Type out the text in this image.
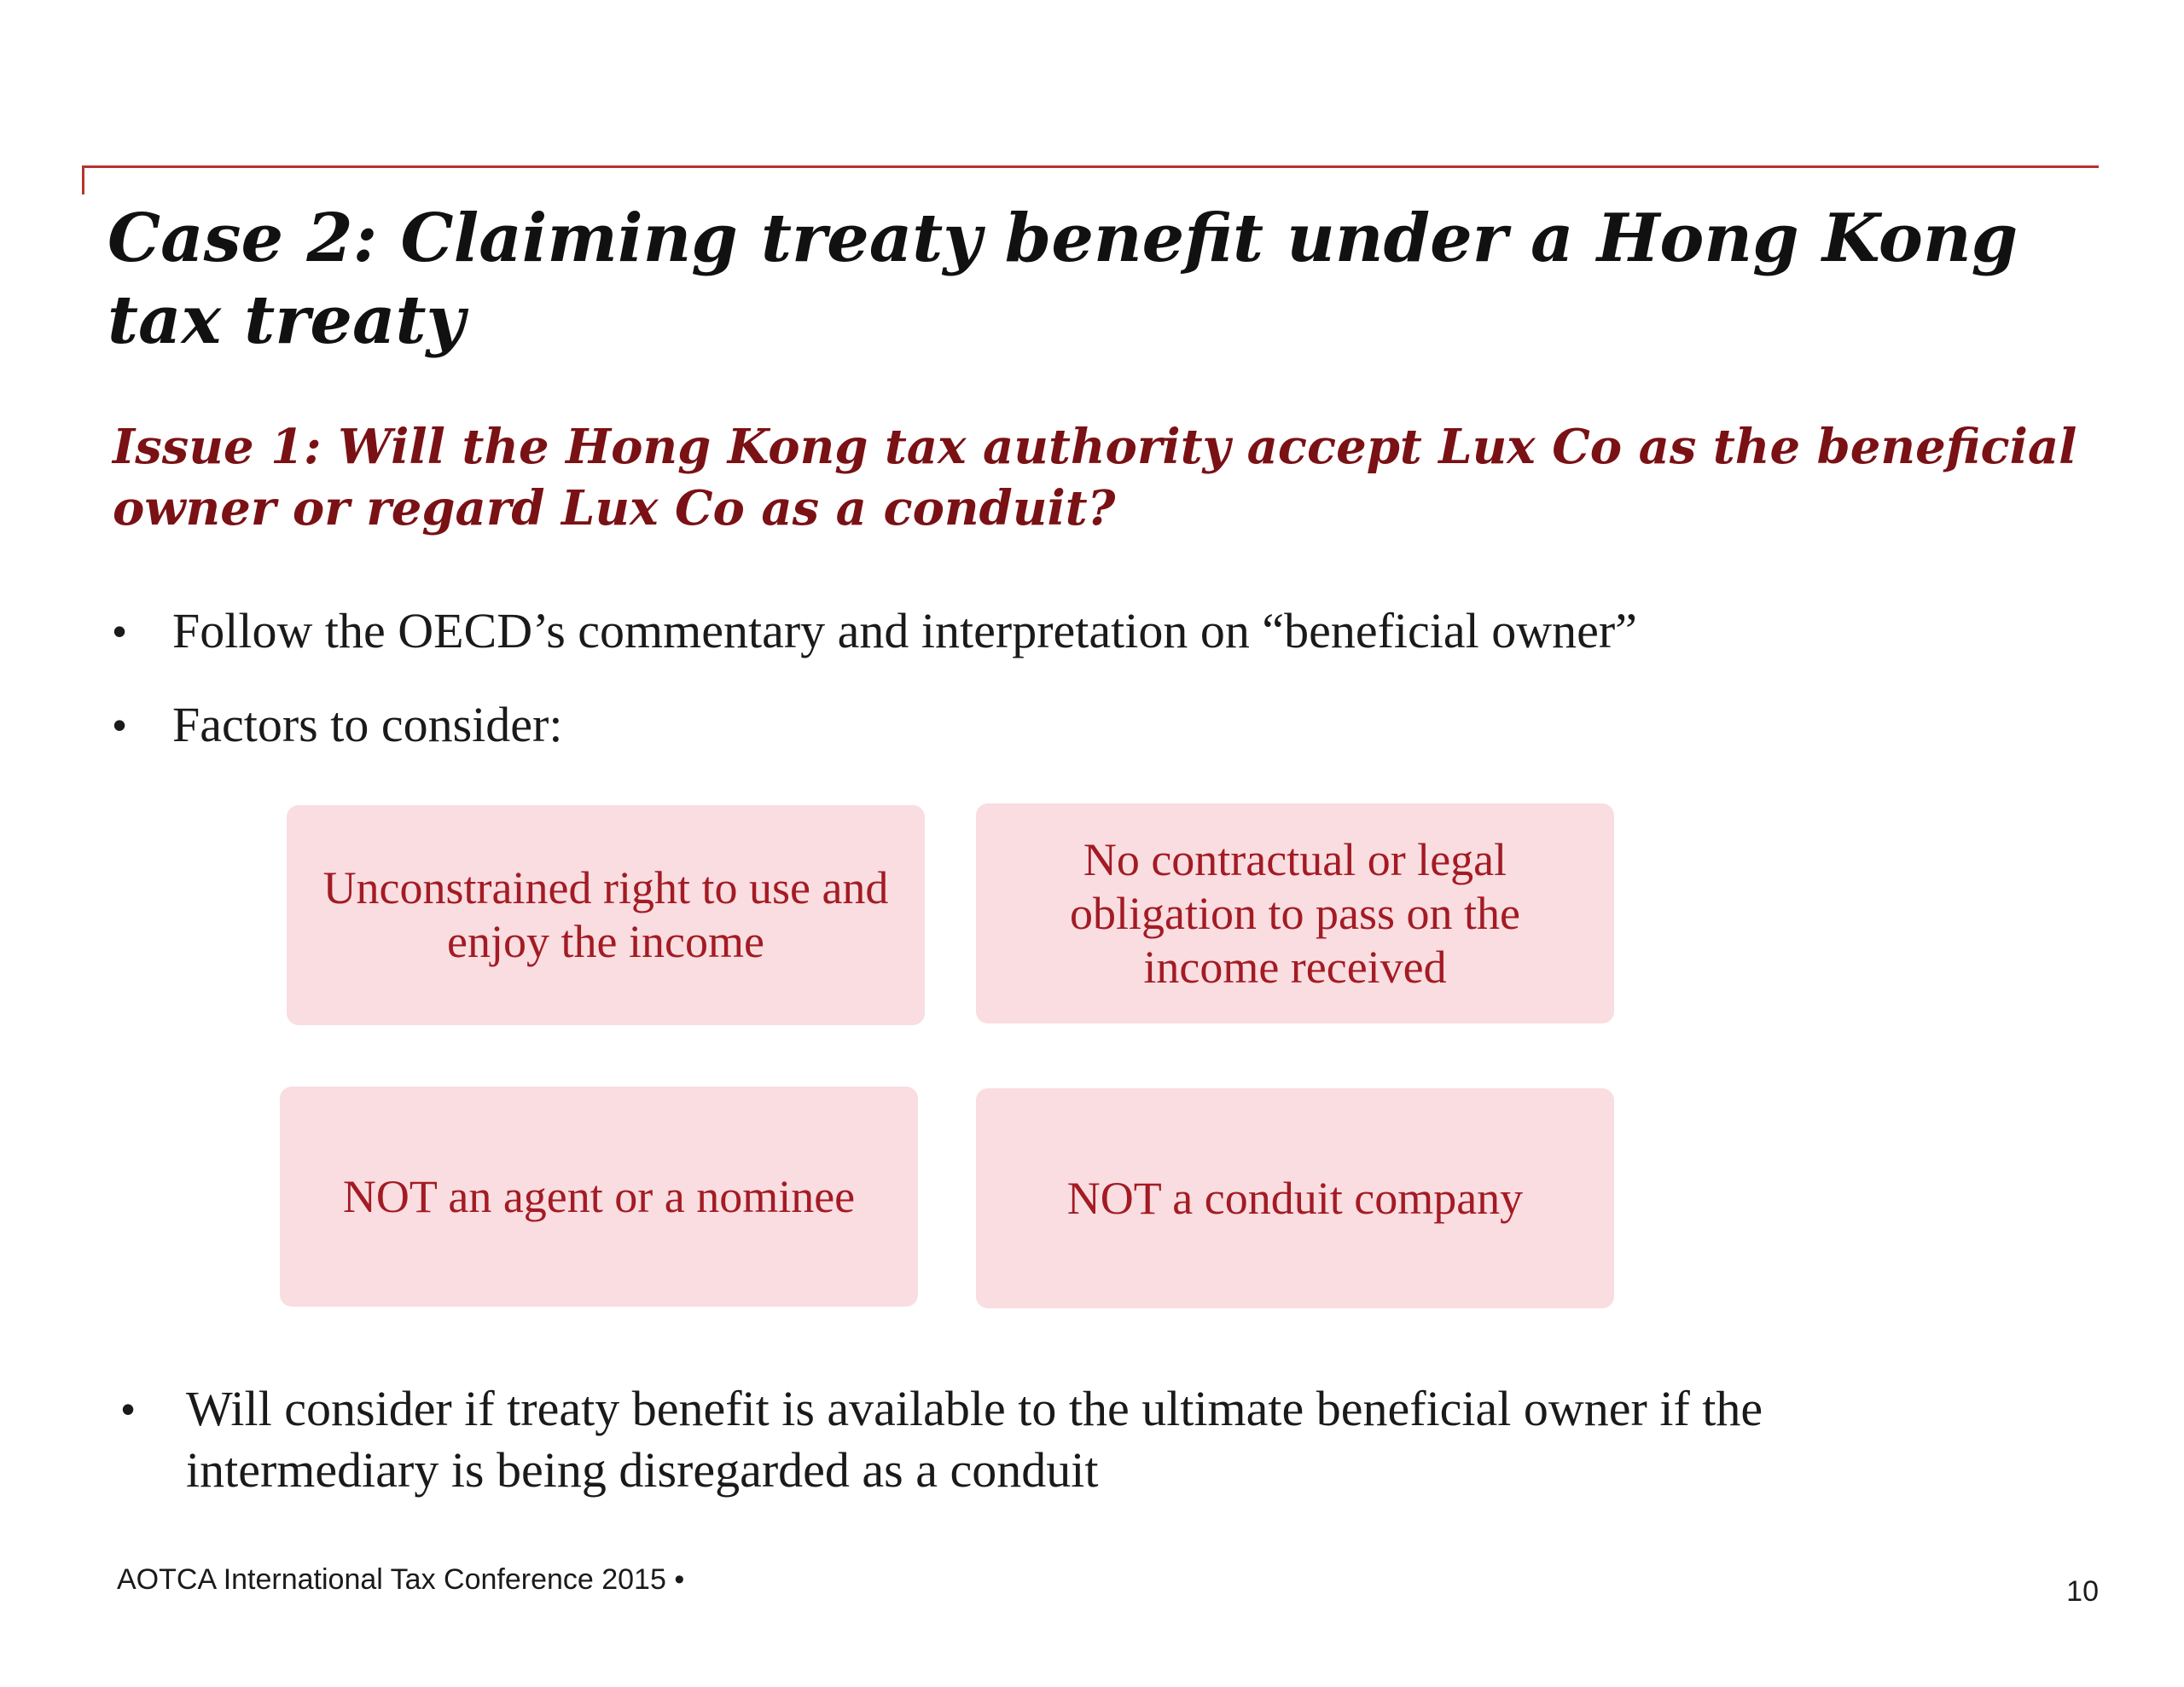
Case 2: Claiming treaty benefit under a Hong Kong tax treaty
Issue 1: Will the Hong Kong tax authority accept Lux Co as the beneficial owner or regard Lux Co as a conduit?
• Follow the OECD’s commentary and interpretation on “beneficial owner”
• Factors to consider:
Unconstrained right to use and enjoy the income
No contractual or legal obligation to pass on the income received
NOT an agent or a nominee	NOT a conduit company
• Will consider if treaty benefit is available to the ultimate beneficial owner if the intermediary is being disregarded as a conduit
AOTCA International Tax Conference 2015 •	10
